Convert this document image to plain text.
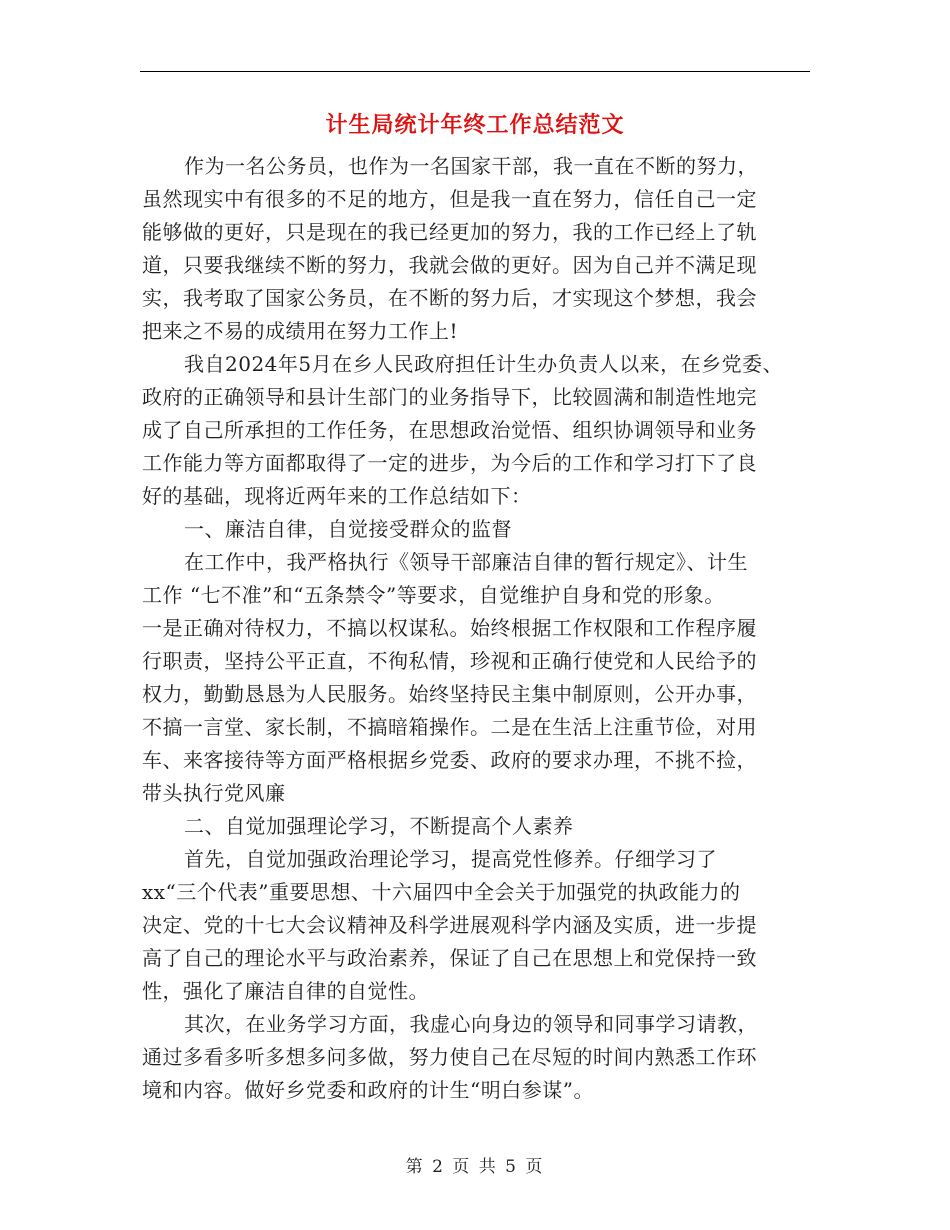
计生局统计年终工作总结范文
作为一名公务员，也作为一名国家干部，我一直在不断的努力，
虽然现实中有很多的不足的地方，但是我一直在努力，信任自己一定
能够做的更好，只是现在的我已经更加的努力，我的工作已经上了轨
道，只要我继续不断的努力，我就会做的更好。因为自己并不满足现
实，我考取了国家公务员，在不断的努力后，才实现这个梦想，我会
把来之不易的成绩用在努力工作上!
我自2024年5月在乡人民政府担任计生办负责人以来，在乡党委、
政府的正确领导和县计生部门的业务指导下，比较圆满和制造性地完
成了自己所承担的工作任务，在思想政治觉悟、组织协调领导和业务
工作能力等方面都取得了一定的进步，为今后的工作和学习打下了良
好的基础，现将近两年来的工作总结如下：
一、廉洁自律，自觉接受群众的监督
在工作中，我严格执行《领导干部廉洁自律的暂行规定》、计生
工作 “七不准”和“五条禁令”等要求，自觉维护自身和党的形象。
一是正确对待权力，不搞以权谋私。始终根据工作权限和工作程序履
行职责，坚持公平正直，不徇私情，珍视和正确行使党和人民给予的
权力，勤勤恳恳为人民服务。始终坚持民主集中制原则，公开办事，
不搞一言堂、家长制，不搞暗箱操作。二是在生活上注重节俭，对用
车、来客接待等方面严格根据乡党委、政府的要求办理，不挑不捡，
带头执行党风廉
二、自觉加强理论学习，不断提高个人素养
首先，自觉加强政治理论学习，提高党性修养。仔细学习了
xx“三个代表”重要思想、十六届四中全会关于加强党的执政能力的
决定、党的十七大会议精神及科学进展观科学内涵及实质，进一步提
高了自己的理论水平与政治素养，保证了自己在思想上和党保持一致
性，强化了廉洁自律的自觉性。
其次，在业务学习方面，我虚心向身边的领导和同事学习请教，
通过多看多听多想多问多做，努力使自己在尽短的时间内熟悉工作环
境和内容。做好乡党委和政府的计生“明白参谋”。
第 2 页 共 5 页
